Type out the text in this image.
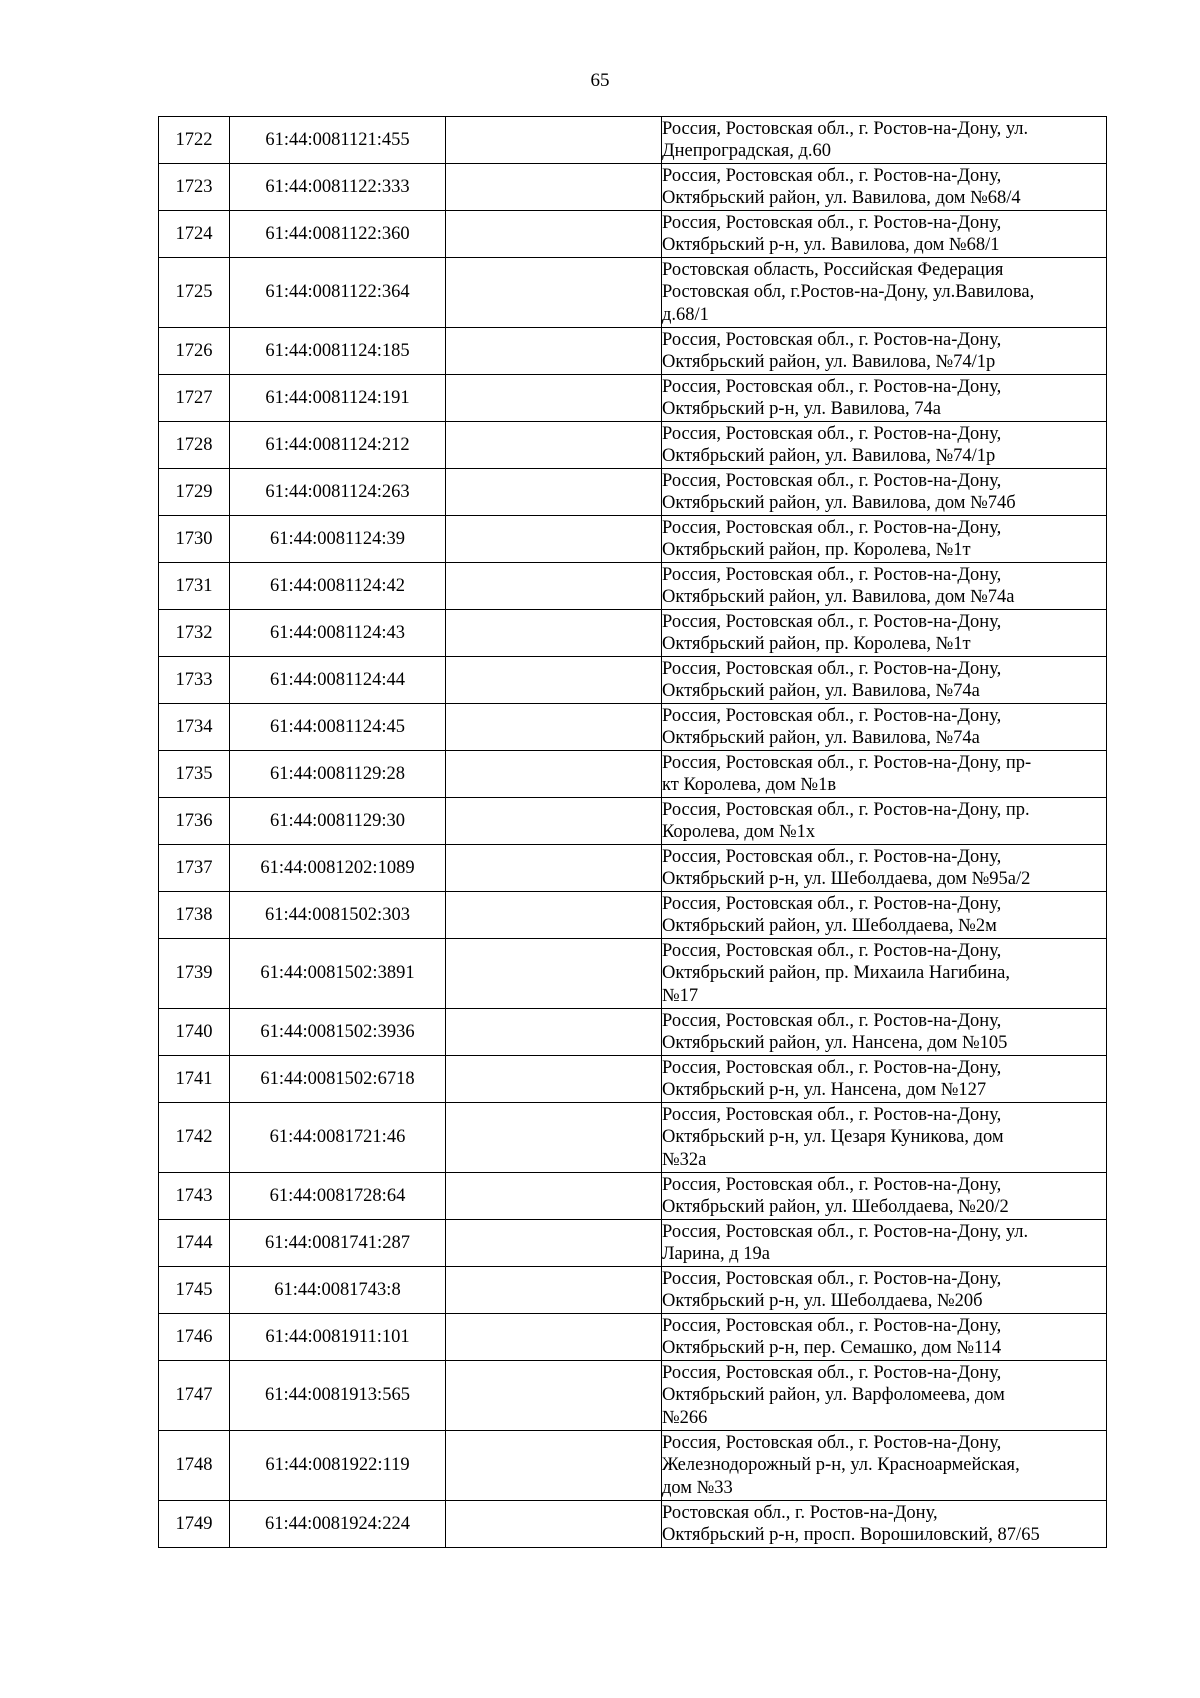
65
1722	61:44:0081121:455		Россия, Ростовская обл., г. Ростов-на-Дону, ул.
Днепроградская, д.60

1723	61:44:0081122:333		Россия, Ростовская обл., г. Ростов-на-Дону,
Октябрьский район, ул. Вавилова, дом №68/4

1724	61:44:0081122:360		Россия, Ростовская обл., г. Ростов-на-Дону,
Октябрьский р-н, ул. Вавилова, дом №68/1

1725	61:44:0081122:364		Ростовская область, Российская Федерация
Ростовская обл, г.Ростов-на-Дону, ул.Вавилова,
д.68/1

1726	61:44:0081124:185		Россия, Ростовская обл., г. Ростов-на-Дону,
Октябрьский район, ул. Вавилова, №74/1р

1727	61:44:0081124:191		Россия, Ростовская обл., г. Ростов-на-Дону,
Октябрьский р-н, ул. Вавилова, 74а

1728	61:44:0081124:212		Россия, Ростовская обл., г. Ростов-на-Дону,
Октябрьский район, ул. Вавилова, №74/1р

1729	61:44:0081124:263		Россия, Ростовская обл., г. Ростов-на-Дону,
Октябрьский район, ул. Вавилова, дом №74б

1730	61:44:0081124:39		Россия, Ростовская обл., г. Ростов-на-Дону,
Октябрьский район, пр. Королева, №1т

1731	61:44:0081124:42		Россия, Ростовская обл., г. Ростов-на-Дону,
Октябрьский район, ул. Вавилова, дом №74а

1732	61:44:0081124:43		Россия, Ростовская обл., г. Ростов-на-Дону,
Октябрьский район, пр. Королева, №1т

1733	61:44:0081124:44		Россия, Ростовская обл., г. Ростов-на-Дону,
Октябрьский район, ул. Вавилова, №74а

1734	61:44:0081124:45		Россия, Ростовская обл., г. Ростов-на-Дону,
Октябрьский район, ул. Вавилова, №74а

1735	61:44:0081129:28		Россия, Ростовская обл., г. Ростов-на-Дону, пр-
кт Королева, дом №1в

1736	61:44:0081129:30		Россия, Ростовская обл., г. Ростов-на-Дону, пр.
Королева, дом №1х

1737	61:44:0081202:1089		Россия, Ростовская обл., г. Ростов-на-Дону,
Октябрьский р-н, ул. Шеболдаева, дом №95а/2

1738	61:44:0081502:303		Россия, Ростовская обл., г. Ростов-на-Дону,
Октябрьский район, ул. Шеболдаева, №2м

1739	61:44:0081502:3891		Россия, Ростовская обл., г. Ростов-на-Дону,
Октябрьский район, пр. Михаила Нагибина,
№17

1740	61:44:0081502:3936		Россия, Ростовская обл., г. Ростов-на-Дону,
Октябрьский район, ул. Нансена, дом №105

1741	61:44:0081502:6718		Россия, Ростовская обл., г. Ростов-на-Дону,
Октябрьский р-н, ул. Нансена, дом №127

1742	61:44:0081721:46		Россия, Ростовская обл., г. Ростов-на-Дону,
Октябрьский р-н, ул. Цезаря Куникова, дом
№32а

1743	61:44:0081728:64		Россия, Ростовская обл., г. Ростов-на-Дону,
Октябрьский район, ул. Шеболдаева, №20/2

1744	61:44:0081741:287		Россия, Ростовская обл., г. Ростов-на-Дону, ул.
Ларина, д 19а

1745	61:44:0081743:8		Россия, Ростовская обл., г. Ростов-на-Дону,
Октябрьский р-н, ул. Шеболдаева, №20б

1746	61:44:0081911:101		Россия, Ростовская обл., г. Ростов-на-Дону,
Октябрьский р-н, пер. Семашко, дом №114

1747	61:44:0081913:565		Россия, Ростовская обл., г. Ростов-на-Дону,
Октябрьский район, ул. Варфоломеева, дом
№266

1748	61:44:0081922:119		Россия, Ростовская обл., г. Ростов-на-Дону,
Железнодорожный р-н, ул. Красноармейская,
дом №33

1749	61:44:0081924:224		Ростовская обл., г. Ростов-на-Дону,
Октябрьский р-н, просп. Ворошиловский, 87/65
